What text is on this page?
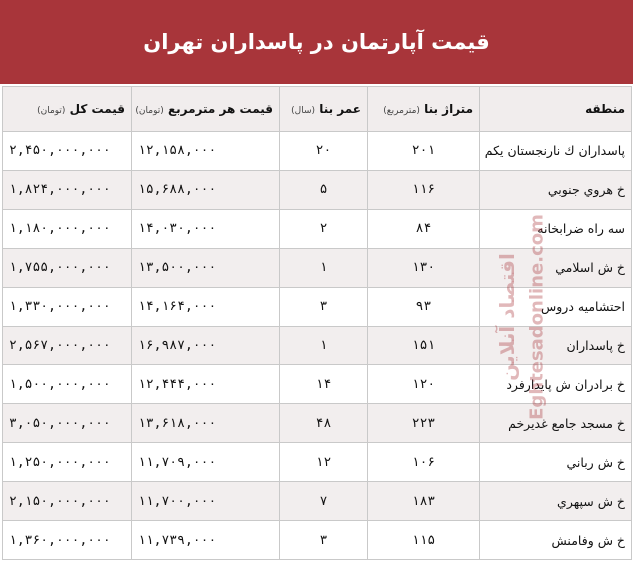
قیمت آپارتمان در پاسداران تهران
منطقه	متراژ بنا (مترمربع)	عمر بنا (سال)	قیمت هر مترمربع (تومان)	قیمت کل (تومان)
پاسداران ك نارنجستان يكم	۲۰۱	۲۰	۱۲,۱۵۸,۰۰۰	۲,۴۵۰,۰۰۰,۰۰۰
خ هروي جنوبي	۱۱۶	۵	۱۵,۶۸۸,۰۰۰	۱,۸۲۴,۰۰۰,۰۰۰
سه راه ضرابخانه	۸۴	۲	۱۴,۰۳۰,۰۰۰	۱,۱۸۰,۰۰۰,۰۰۰
خ ش اسلامي	۱۳۰	۱	۱۳,۵۰۰,۰۰۰	۱,۷۵۵,۰۰۰,۰۰۰
احتشاميه دروس	۹۳	۳	۱۴,۱۶۴,۰۰۰	۱,۳۳۰,۰۰۰,۰۰۰
خ پاسداران	۱۵۱	۱	۱۶,۹۸۷,۰۰۰	۲,۵۶۷,۰۰۰,۰۰۰
خ برادران ش پايدارفرد	۱۲۰	۱۴	۱۲,۴۴۴,۰۰۰	۱,۵۰۰,۰۰۰,۰۰۰
خ مسجد جامع غديرخم	۲۲۳	۴۸	۱۳,۶۱۸,۰۰۰	۳,۰۵۰,۰۰۰,۰۰۰
خ ش رباني	۱۰۶	۱۲	۱۱,۷۰۹,۰۰۰	۱,۲۵۰,۰۰۰,۰۰۰
خ ش سپهري	۱۸۳	۷	۱۱,۷۰۰,۰۰۰	۲,۱۵۰,۰۰۰,۰۰۰
خ ش وفامنش	۱۱۵	۳	۱۱,۷۳۹,۰۰۰	۱,۳۶۰,۰۰۰,۰۰۰
اقتصاد آنلاین Eghtesadonline.com
